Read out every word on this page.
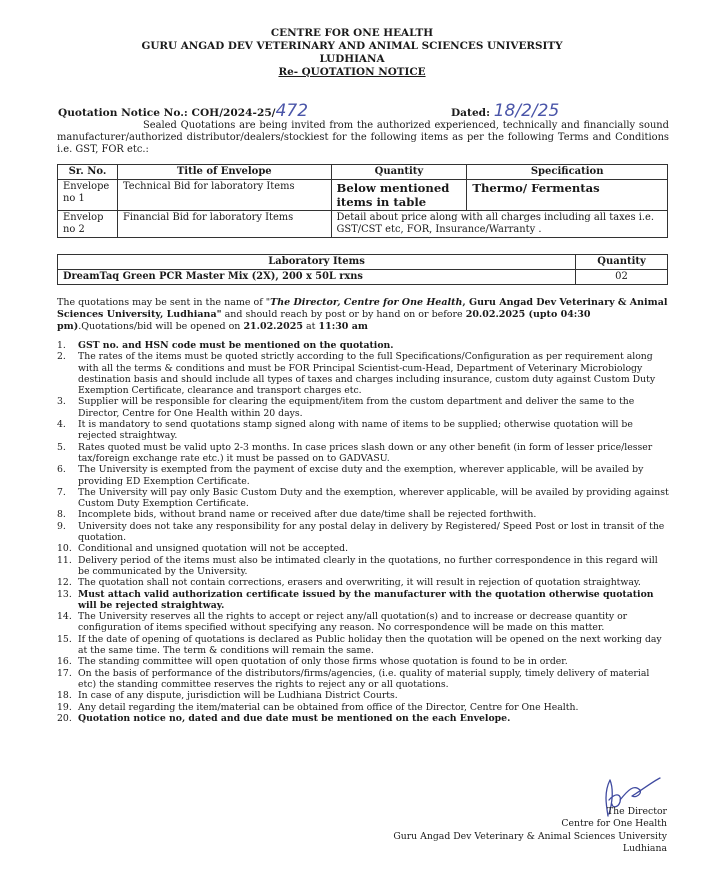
CENTRE FOR ONE HEALTH
GURU ANGAD DEV VETERINARY AND ANIMAL SCIENCES UNIVERSITY
LUDHIANA
Re- QUOTATION NOTICE
Quotation Notice No.: COH/2024-25/472	Dated: 18/2/25
Sealed Quotations are being invited from the authorized experienced, technically and financially sound manufacturer/authorized distributor/dealers/stockiest for the following items as per the following Terms and Conditions i.e. GST, FOR etc.:
Sr. No.	Title of Envelope	Quantity	Specification
Envelope no 1	Technical Bid for laboratory Items	Below mentioned items in table	Thermo/ Fermentas
Envelop no 2	Financial Bid for laboratory Items	Detail about price along with all charges including all taxes i.e. GST/CST etc, FOR, Insurance/Warranty .	
Laboratory Items	Quantity
DreamTaq Green PCR Master Mix (2X), 200 x 50L rxns	02
The quotations may be sent in the name of "The Director, Centre for One Health, Guru Angad Dev Veterinary & Animal Sciences University, Ludhiana" and should reach by post or by hand on or before 20.02.2025 (upto 04:30 pm).Quotations/bid will be opened on 21.02.2025 at 11:30 am
1. GST no. and HSN code must be mentioned on the quotation.
2. The rates of the items must be quoted strictly according to the full Specifications/Configuration as per requirement along with all the terms & conditions and must be FOR Principal Scientist-cum-Head, Department of Veterinary Microbiology destination basis and should include all types of taxes and charges including insurance, custom duty against Custom Duty Exemption Certificate, clearance and transport charges etc.
3. Supplier will be responsible for clearing the equipment/item from the custom department and deliver the same to the Director, Centre for One Health within 20 days.
4. It is mandatory to send quotations stamp signed along with name of items to be supplied; otherwise quotation will be rejected straightway.
5. Rates quoted must be valid upto 2-3 months. In case prices slash down or any other benefit (in form of lesser price/lesser tax/foreign exchange rate etc.) it must be passed on to GADVASU.
6. The University is exempted from the payment of excise duty and the exemption, wherever applicable, will be availed by providing ED Exemption Certificate.
7. The University will pay only Basic Custom Duty and the exemption, wherever applicable, will be availed by providing against Custom Duty Exemption Certificate.
8. Incomplete bids, without brand name or received after due date/time shall be rejected forthwith.
9. University does not take any responsibility for any postal delay in delivery by Registered/ Speed Post or lost in transit of the quotation.
10. Conditional and unsigned quotation will not be accepted.
11. Delivery period of the items must also be intimated clearly in the quotations, no further correspondence in this regard will be communicated by the University.
12. The quotation shall not contain corrections, erasers and overwriting, it will result in rejection of quotation straightway.
13. Must attach valid authorization certificate issued by the manufacturer with the quotation otherwise quotation will be rejected straightway.
14. The University reserves all the rights to accept or reject any/all quotation(s) and to increase or decrease quantity or configuration of items specified without specifying any reason. No correspondence will be made on this matter.
15. If the date of opening of quotations is declared as Public holiday then the quotation will be opened on the next working day at the same time. The term & conditions will remain the same.
16. The standing committee will open quotation of only those firms whose quotation is found to be in order.
17. On the basis of performance of the distributors/firms/agencies, (i.e. quality of material supply, timely delivery of material etc) the standing committee reserves the rights to reject any or all quotations.
18. In case of any dispute, jurisdiction will be Ludhiana District Courts.
19. Any detail regarding the item/material can be obtained from office of the Director, Centre for One Health.
20. Quotation notice no, dated and due date must be mentioned on the each Envelope.
The Director
Centre for One Health
Guru Angad Dev Veterinary & Animal Sciences University
Ludhiana
